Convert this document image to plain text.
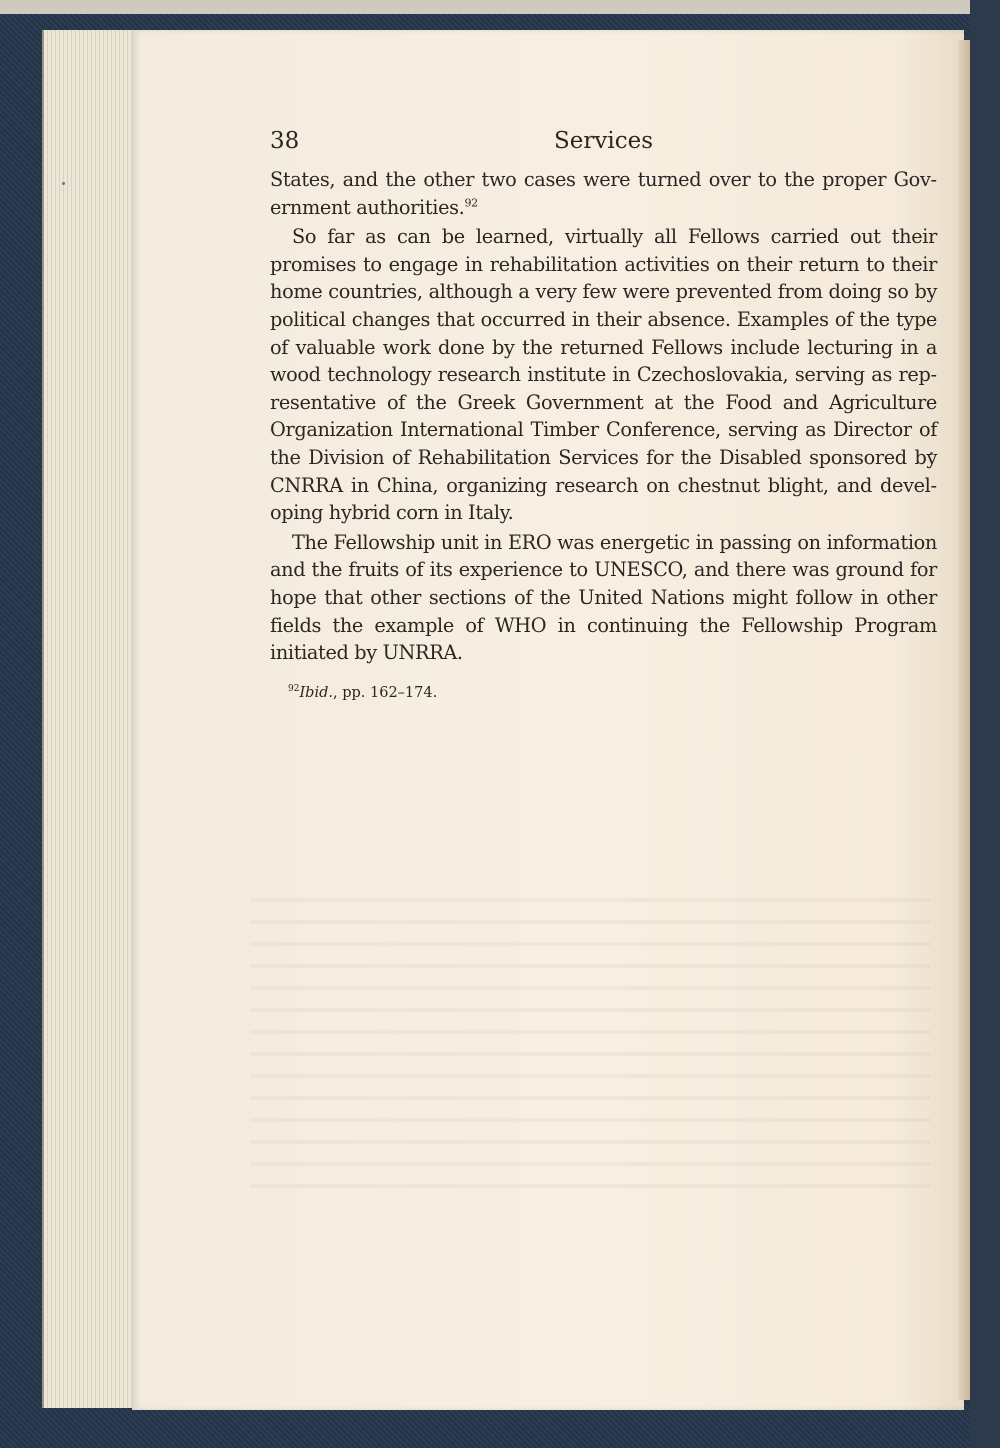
38	Services

States, and the other two cases were turned over to the proper Government authorities.$^{92}$

So far as can be learned, virtually all Fellows carried out their promises to engage in rehabilitation activities on their return to their home countries, although a very few were prevented from doing so by political changes that occurred in their absence. Examples of the type of valuable work done by the returned Fellows include lecturing in a wood technology research institute in Czechoslovakia, serving as representative of the Greek Government at the Food and Agriculture Organization International Timber Conference, serving as Director of the Division of Rehabilitation Services for the Disabled sponsored by CNRRA in China, organizing research on chestnut blight, and developing hybrid corn in Italy.

The Fellowship unit in ERO was energetic in passing on information and the fruits of its experience to UNESCO, and there was ground for hope that other sections of the United Nations might follow in other fields the example of WHO in continuing the Fellowship Program initiated by UNRRA.

$^{92}$Ibid., pp. 162–174.
